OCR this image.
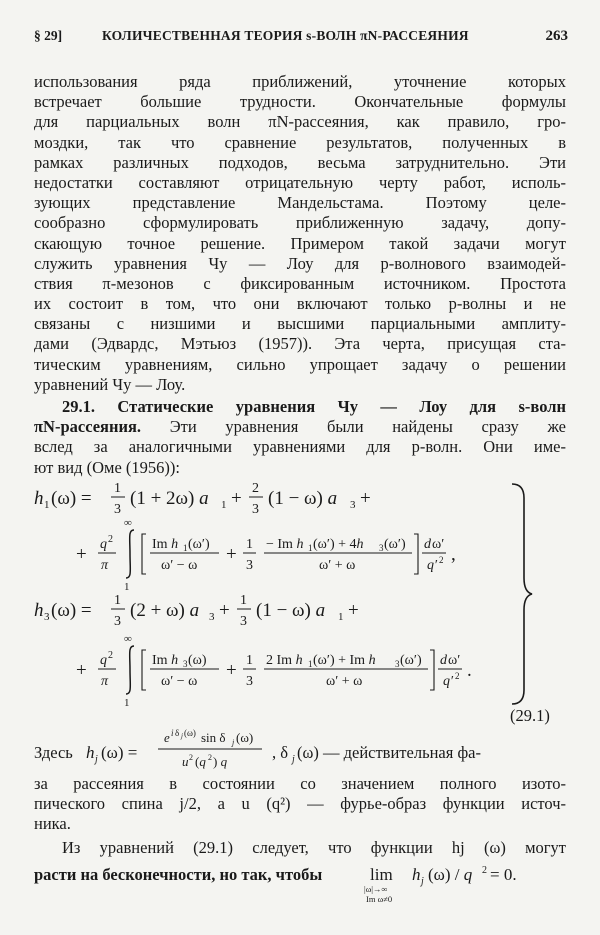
§ 29]	КОЛИЧЕСТВЕННАЯ ТЕОРИЯ s-ВОЛН πN-РАССЕЯНИЯ	263
использования ряда приближений, уточнение которых
встречает большие трудности. Окончательные формулы
для парциальных волн πN-рассеяния, как правило, гро-
моздки, так что сравнение результатов, полученных в
рамках различных подходов, весьма затруднительно. Эти
недостатки составляют отрицательную черту работ, исполь-
зующих представление Мандельстама. Поэтому целе-
сообразно сформулировать приближенную задачу, допу-
скающую точное решение. Примером такой задачи могут
служить уравнения Чу — Лоу для p-волнового взаимодей-
ствия π-мезонов с фиксированным источником. Простота
их состоит в том, что они включают только p-волны и не
связаны с низшими и высшими парциальными амплиту-
дами (Эдвардс, Мэтьюз (1957)). Эта черта, присущая ста-
тическим уравнениям, сильно упрощает задачу о решении
уравнений Чу — Лоу.
29.1. Статические уравнения Чу — Лоу для s-волн
πN-рассеяния. Эти уравнения были найдены сразу же
вслед за аналогичными уравнениями для p-волн. Они име-
ют вид (Оме (1956)):
h 1 (ω) = 1
3
(1 + 2ω) a 1 + 2
3
(1 − ω) a 3 +
+ q 2
π
∞
1
Im h 1 (ω′)
ω′ − ω
+ 1
3
− Im h 1 (ω′) + 4h 3 (ω′)
ω′ + ω
d ω′
q′ 2 ,
h 3 (ω) = 1
3
(2 + ω) a 3 + 1
3
(1 − ω) a 1 +
+ q 2
π
∞
1
Im h 3 (ω)
ω′ − ω
+ 1
3
2 Im h 1 (ω′) + Im h 3 (ω′)
ω′ + ω
d ω′
q′ 2 .
(29.1)
Здесь h j (ω) =
e i δ j (ω) sin δ j (ω)
u 2 (q 2 ) q	, δ j (ω) — действительная фа-
за рассеяния в состоянии со значением полного изото-
пического спина j/2, а u (q²) — фурье-образ функции источ-
ника.
Из уравнений (29.1) следует, что функции hj (ω) могут
расти на бесконечности, но так, чтобы	lim
|ω|→∞
Im ω≠0
h j (ω) / q 2 = 0.
